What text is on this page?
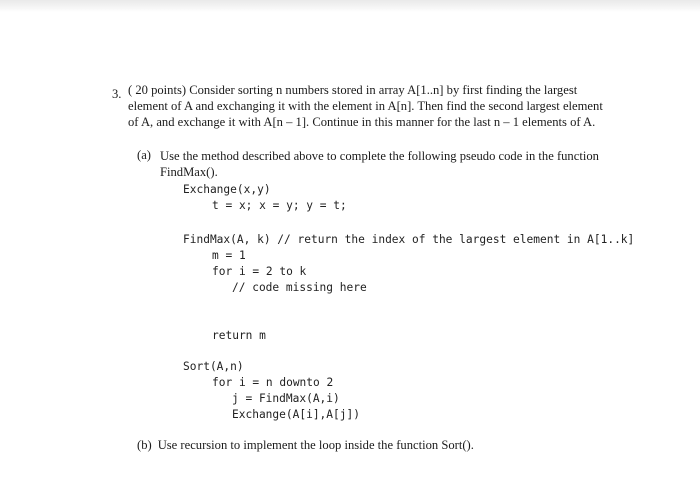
3. ( 20 points) Consider sorting n numbers stored in array A[1..n] by first finding the largest
element of A and exchanging it with the element in A[n]. Then find the second largest element
of A, and exchange it with A[n – 1]. Continue in this manner for the last n – 1 elements of A.
(a) Use the method described above to complete the following pseudo code in the function
FindMax().
Exchange(x,y)
t = x; x = y; y = t;
FindMax(A, k) // return the index of the largest element in A[1..k]
m = 1
for i = 2 to k
// code missing here
return m
Sort(A,n)
for i = n downto 2
j = FindMax(A,i)
Exchange(A[i],A[j])
(b) Use recursion to implement the loop inside the function Sort().
